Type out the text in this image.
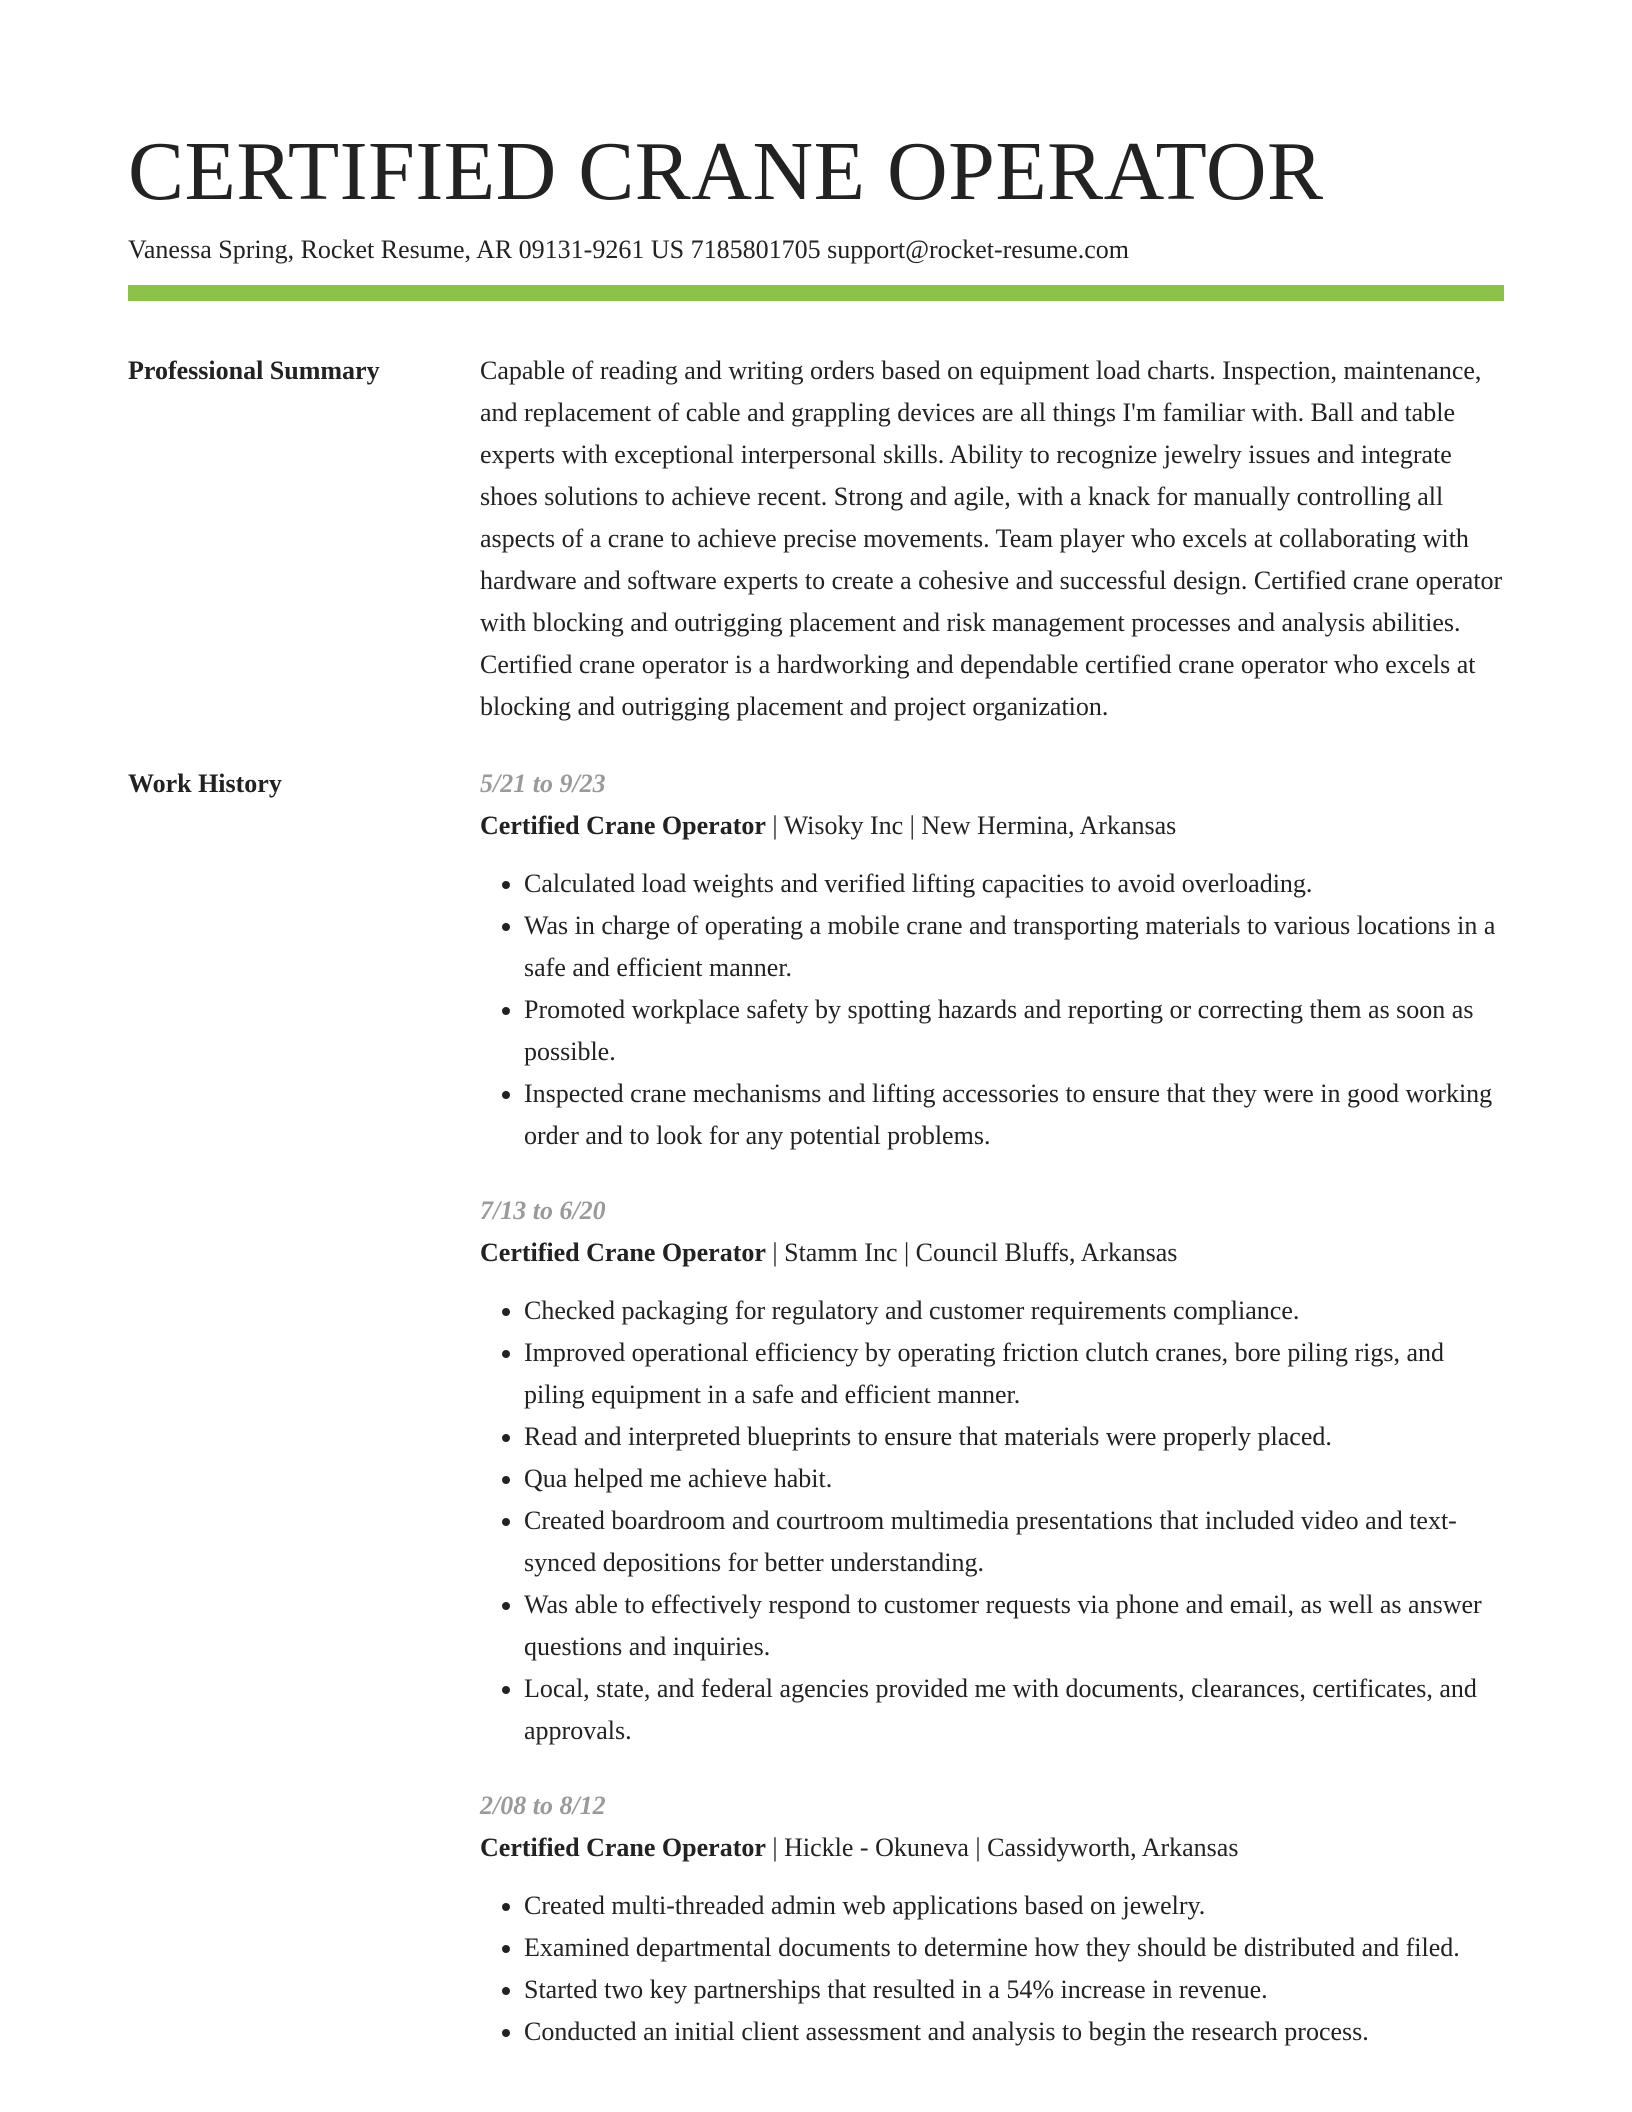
CERTIFIED CRANE OPERATOR
Vanessa Spring, Rocket Resume, AR 09131-9261 US 7185801705 support@rocket-resume.com
Professional Summary	Capable of reading and writing orders based on equipment load charts. Inspection, maintenance, and replacement of cable and grappling devices are all things I'm familiar with. Ball and table experts with exceptional interpersonal skills. Ability to recognize jewelry issues and integrate shoes solutions to achieve recent. Strong and agile, with a knack for manually controlling all aspects of a crane to achieve precise movements. Team player who excels at collaborating with hardware and software experts to create a cohesive and successful design. Certified crane operator with blocking and outrigging placement and risk management processes and analysis abilities. Certified crane operator is a hardworking and dependable certified crane operator who excels at blocking and outrigging placement and project organization.
Work History	5/21 to 9/23
Certified Crane Operator | Wisoky Inc | New Hermina, Arkansas
• Calculated load weights and verified lifting capacities to avoid overloading.
• Was in charge of operating a mobile crane and transporting materials to various locations in a safe and efficient manner.
• Promoted workplace safety by spotting hazards and reporting or correcting them as soon as possible.
• Inspected crane mechanisms and lifting accessories to ensure that they were in good working order and to look for any potential problems.
7/13 to 6/20
Certified Crane Operator | Stamm Inc | Council Bluffs, Arkansas
• Checked packaging for regulatory and customer requirements compliance.
• Improved operational efficiency by operating friction clutch cranes, bore piling rigs, and piling equipment in a safe and efficient manner.
• Read and interpreted blueprints to ensure that materials were properly placed.
• Qua helped me achieve habit.
• Created boardroom and courtroom multimedia presentations that included video and text-synced depositions for better understanding.
• Was able to effectively respond to customer requests via phone and email, as well as answer questions and inquiries.
• Local, state, and federal agencies provided me with documents, clearances, certificates, and approvals.
2/08 to 8/12
Certified Crane Operator | Hickle - Okuneva | Cassidyworth, Arkansas
• Created multi-threaded admin web applications based on jewelry.
• Examined departmental documents to determine how they should be distributed and filed.
• Started two key partnerships that resulted in a 54% increase in revenue.
• Conducted an initial client assessment and analysis to begin the research process.
